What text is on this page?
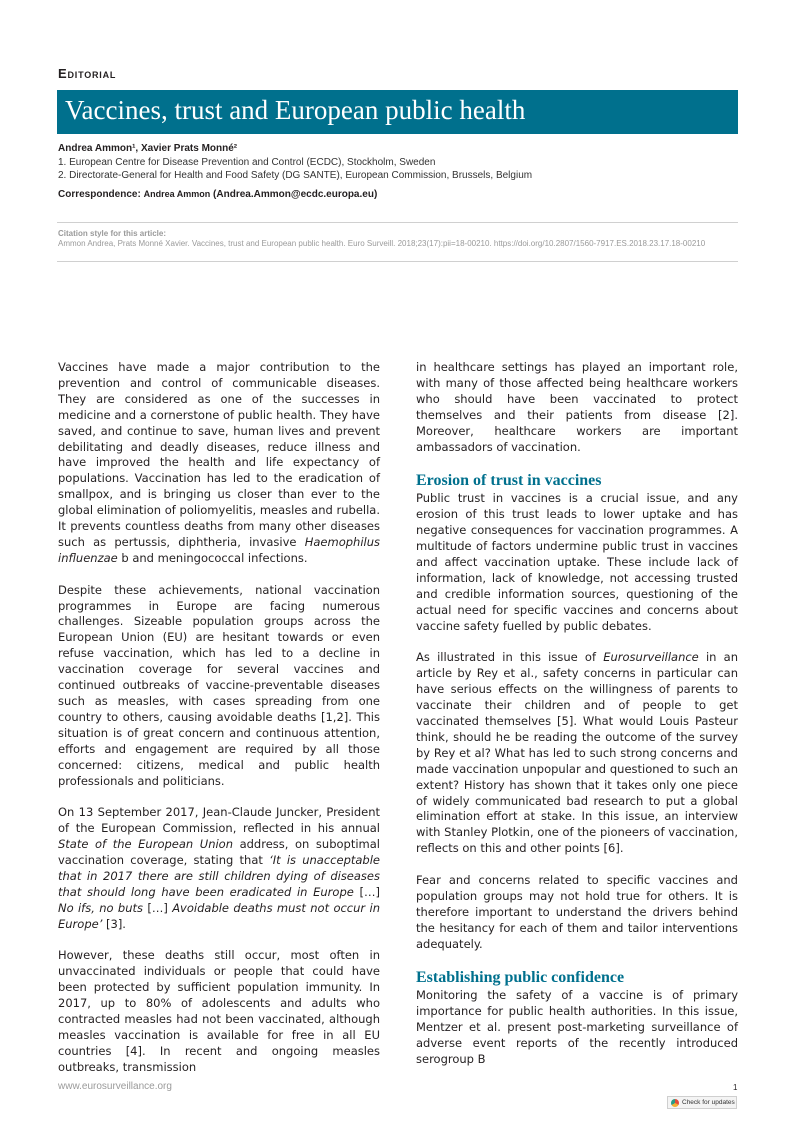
Editorial
Vaccines, trust and European public health
Andrea Ammon¹, Xavier Prats Monné²
1. European Centre for Disease Prevention and Control (ECDC), Stockholm, Sweden
2. Directorate-General for Health and Food Safety (DG SANTE), European Commission, Brussels, Belgium
Correspondence: Andrea Ammon (Andrea.Ammon@ecdc.europa.eu)
Citation style for this article:
Ammon Andrea, Prats Monné Xavier. Vaccines, trust and European public health. Euro Surveill. 2018;23(17):pii=18-00210. https://doi.org/10.2807/1560-7917.ES.2018.23.17.18-00210

Vaccines have made a major contribution to the prevention and control of communicable diseases. They are considered as one of the successes in medicine and a cornerstone of public health. They have saved, and continue to save, human lives and prevent debilitating and deadly diseases, reduce illness and have improved the health and life expectancy of populations. Vaccination has led to the eradication of smallpox, and is bringing us closer than ever to the global elimination of poliomyelitis, measles and rubella. It prevents countless deaths from many other diseases such as pertussis, diphtheria, invasive Haemophilus influenzae b and meningococcal infections.

Despite these achievements, national vaccination programmes in Europe are facing numerous challenges. Sizeable population groups across the European Union (EU) are hesitant towards or even refuse vaccination, which has led to a decline in vaccination coverage for several vaccines and continued outbreaks of vaccine-preventable diseases such as measles, with cases spreading from one country to others, causing avoidable deaths [1,2]. This situation is of great concern and continuous attention, efforts and engagement are required by all those concerned: citizens, medical and public health professionals and politicians.

On 13 September 2017, Jean-Claude Juncker, President of the European Commission, reflected in his annual State of the European Union address, on suboptimal vaccination coverage, stating that ‘It is unacceptable that in 2017 there are still children dying of diseases that should long have been eradicated in Europe […] No ifs, no buts […] Avoidable deaths must not occur in Europe’ [3].

However, these deaths still occur, most often in unvaccinated individuals or people that could have been protected by sufficient population immunity. In 2017, up to 80% of adolescents and adults who contracted measles had not been vaccinated, although measles vaccination is available for free in all EU countries [4]. In recent and ongoing measles outbreaks, transmission

in healthcare settings has played an important role, with many of those affected being healthcare workers who should have been vaccinated to protect themselves and their patients from disease [2]. Moreover, healthcare workers are important ambassadors of vaccination.

Erosion of trust in vaccines

Public trust in vaccines is a crucial issue, and any erosion of this trust leads to lower uptake and has negative consequences for vaccination programmes. A multitude of factors undermine public trust in vaccines and affect vaccination uptake. These include lack of information, lack of knowledge, not accessing trusted and credible information sources, questioning of the actual need for specific vaccines and concerns about vaccine safety fuelled by public debates.

As illustrated in this issue of Eurosurveillance in an article by Rey et al., safety concerns in particular can have serious effects on the willingness of parents to vaccinate their children and of people to get vaccinated themselves [5]. What would Louis Pasteur think, should he be reading the outcome of the survey by Rey et al? What has led to such strong concerns and made vaccination unpopular and questioned to such an extent? History has shown that it takes only one piece of widely communicated bad research to put a global elimination effort at stake. In this issue, an interview with Stanley Plotkin, one of the pioneers of vaccination, reflects on this and other points [6].

Fear and concerns related to specific vaccines and population groups may not hold true for others. It is therefore important to understand the drivers behind the hesitancy for each of them and tailor interventions adequately.

Establishing public confidence

Monitoring the safety of a vaccine is of primary importance for public health authorities. In this issue, Mentzer et al. present post-marketing surveillance of adverse event reports of the recently introduced serogroup B

www.eurosurveillance.org	1
Check for updates
